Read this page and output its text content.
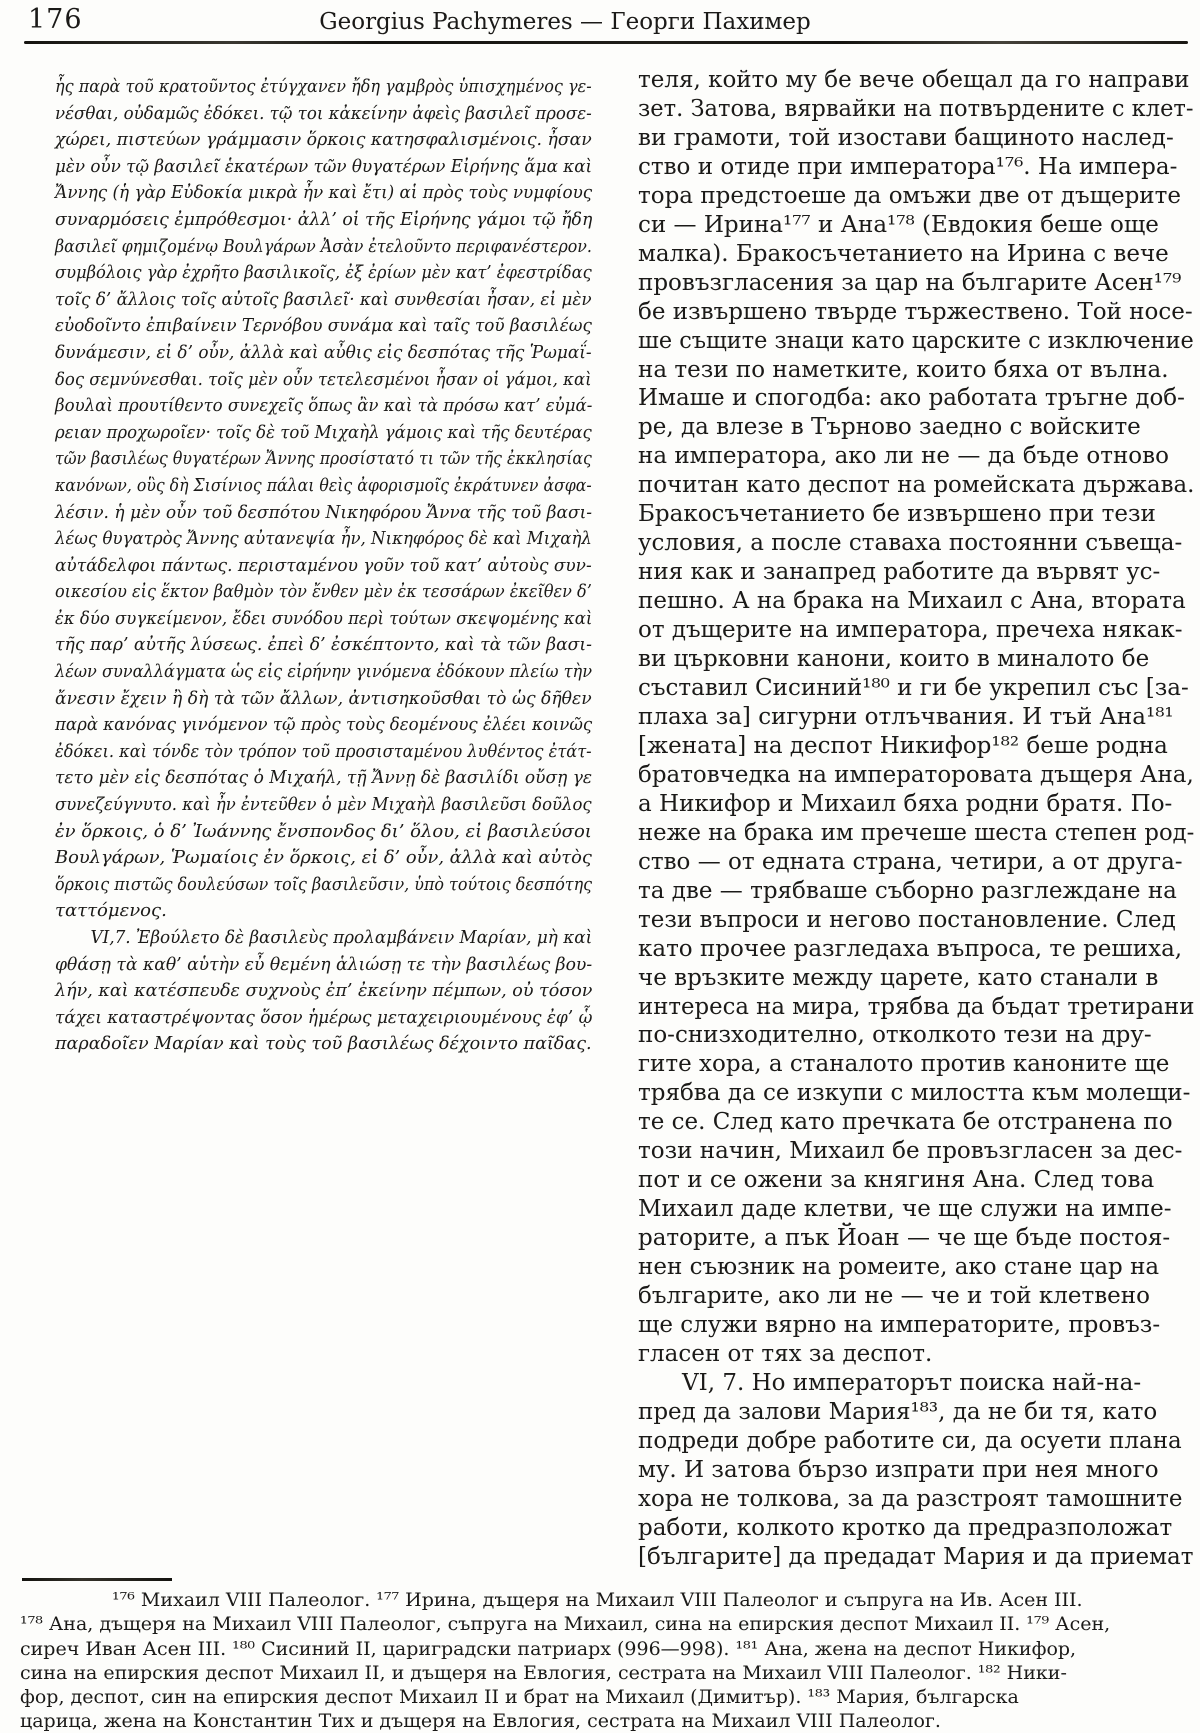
176	Georgius Pachymeres — Георги Пахимер
ἧς παρὰ τοῦ κρατοῦντος ἐτύγχανεν ἤδη γαμβρὸς ὑπισχημένος γε-
νέσθαι, οὐδαμῶς ἐδόκει. τῷ τοι κἀκείνην ἀφεὶς βασιλεῖ προσε-
χώρει, πιστεύων γράμμασιν ὅρκοις κατησφαλισμένοις. ἦσαν
μὲν οὖν τῷ βασιλεῖ ἑκατέρων τῶν θυγατέρων Εἰρήνης ἅμα καὶ
Ἄννης (ἡ γὰρ Εὐδοκία μικρὰ ἦν καὶ ἔτι) αἱ πρὸς τοὺς νυμφίους
συναρμόσεις ἐμπρόθεσμοι· ἀλλ’ οἱ τῆς Εἰρήνης γάμοι τῷ ἤδη
βασιλεῖ φημιζομένῳ Βουλγάρων Ἀσὰν ἐτελοῦντο περιφανέστερον.
συμβόλοις γὰρ ἐχρῆτο βασιλικοῖς, ἐξ ἐρίων μὲν κατ’ ἐφεστρίδας
τοῖς δ’ ἄλλοις τοῖς αὐτοῖς βασιλεῖ· καὶ συνθεσίαι ἦσαν, εἰ μὲν
εὐοδοῖντο ἐπιβαίνειν Τερνόβου συνάμα καὶ ταῖς τοῦ βασιλέως
δυνάμεσιν, εἰ δ’ οὖν, ἀλλὰ καὶ αὖθις εἰς δεσπότας τῆς Ῥωμαΐ-
δος σεμνύνεσθαι. τοῖς μὲν οὖν τετελεσμένοι ἦσαν οἱ γάμοι, καὶ
βουλαὶ προυτίθεντο συνεχεῖς ὅπως ἂν καὶ τὰ πρόσω κατ’ εὐμά-
ρειαν προχωροῖεν· τοῖς δὲ τοῦ Μιχαὴλ γάμοις καὶ τῆς δευτέρας
τῶν βασιλέως θυγατέρων Ἄννης προσίστατό τι τῶν τῆς ἐκκλησίας
κανόνων, οὓς δὴ Σισίνιος πάλαι θεὶς ἀφορισμοῖς ἐκράτυνεν ἀσφα-
λέσιν. ἡ μὲν οὖν τοῦ δεσπότου Νικηφόρου Ἄννα τῆς τοῦ βασι-
λέως θυγατρὸς Ἄννης αὐτανεψία ἦν, Νικηφόρος δὲ καὶ Μιχαὴλ
αὐτάδελφοι πάντως. περισταμένου γοῦν τοῦ κατ’ αὐτοὺς συν-
οικεσίου εἰς ἕκτον βαθμὸν τὸν ἔνθεν μὲν ἐκ τεσσάρων ἐκεῖθεν δ’
ἐκ δύο συγκείμενον, ἔδει συνόδου περὶ τούτων σκεψομένης καὶ
τῆς παρ’ αὐτῆς λύσεως. ἐπεὶ δ’ ἐσκέπτοντο, καὶ τὰ τῶν βασι-
λέων συναλλάγματα ὡς εἰς εἰρήνην γινόμενα ἐδόκουν πλείω τὴν
ἄνεσιν ἔχειν ἢ δὴ τὰ τῶν ἄλλων, ἀντισηκοῦσθαι τὸ ὡς δῆθεν
παρὰ κανόνας γινόμενον τῷ πρὸς τοὺς δεομένους ἐλέει κοινῶς
ἐδόκει. καὶ τόνδε τὸν τρόπον τοῦ προσισταμένου λυθέντος ἐτάτ-
τετο μὲν εἰς δεσπότας ὁ Μιχαήλ, τῇ Ἄννῃ δὲ βασιλίδι οὔσῃ γε
συνεζεύγνυτο. καὶ ἦν ἐντεῦθεν ὁ μὲν Μιχαὴλ βασιλεῦσι δοῦλος
ἐν ὅρκοις, ὁ δ’ Ἰωάννης ἔνσπονδος δι’ ὅλου, εἰ βασιλεύσοι
Βουλγάρων, Ῥωμαίοις ἐν ὅρκοις, εἰ δ’ οὖν, ἀλλὰ καὶ αὐτὸς
ὅρκοις πιστῶς δουλεύσων τοῖς βασιλεῦσιν, ὑπὸ τούτοις δεσπότης
ταττόμενος.
VI,7. Ἐβούλετο δὲ βασιλεὺς προλαμβάνειν Μαρίαν, μὴ καὶ
φθάσῃ τὰ καθ’ αὑτὴν εὖ θεμένη ἁλιώσῃ τε τὴν βασιλέως βου-
λήν, καὶ κατέσπευδε συχνοὺς ἐπ’ ἐκείνην πέμπων, οὐ τόσον
τάχει καταστρέψοντας ὅσον ἡμέρως μεταχειριουμένους ἐφ’ ᾧ
παραδοῖεν Μαρίαν καὶ τοὺς τοῦ βασιλέως δέχοιντο παῖδας.
теля, който му бе вече обещал да го направи
зет. Затова, вярвайки на потвърдените с клет-
ви грамоти, той изостави бащиното наслед-
ство и отиде при императора¹⁷⁶. На импера-
тора предстоеше да омъжи две от дъщерите
си — Ирина¹⁷⁷ и Ана¹⁷⁸ (Евдокия беше още
малка). Бракосъчетанието на Ирина с вече
провъзгласения за цар на българите Асен¹⁷⁹
бе извършено твърде тържествено. Той носе-
ше същите знаци като царските с изключение
на тези по наметките, които бяха от вълна.
Имаше и спогодба: ако работата тръгне доб-
ре, да влезе в Търново заедно с войските
на императора, ако ли не — да бъде отново
почитан като деспот на ромейската държава.
Бракосъчетанието бе извършено при тези
условия, а после ставаха постоянни съвеща-
ния как и занапред работите да вървят ус-
пешно. А на брака на Михаил с Ана, втората
от дъщерите на императора, пречеха някак-
ви църковни канони, които в миналото бе
съставил Сисиний¹⁸⁰ и ги бе укрепил със [за-
плаха за] сигурни отлъчвания. И тъй Ана¹⁸¹
[жената] на деспот Никифор¹⁸² беше родна
братовчедка на императоровата дъщеря Ана,
а Никифор и Михаил бяха родни братя. По-
неже на брака им пречеше шеста степен род-
ство — от едната страна, четири, а от друга-
та две — трябваше съборно разглеждане на
тези въпроси и негово постановление. След
като прочее разгледаха въпроса, те решиха,
че връзките между царете, като станали в
интереса на мира, трябва да бъдат третирани
по-снизходително, отколкото тези на дру-
гите хора, а станалото против каноните ще
трябва да се изкупи с милостта към молещи-
те се. След като пречката бе отстранена по
този начин, Михаил бе провъзгласен за дес-
пот и се ожени за княгиня Ана. След това
Михаил даде клетви, че ще служи на импе-
раторите, а пък Йоан — че ще бъде постоя-
нен съюзник на ромеите, ако стане цар на
българите, ако ли не — че и той клетвено
ще служи вярно на императорите, провъз-
гласен от тях за деспот.
VI, 7. Но императорът поиска най-на-
пред да залови Мария¹⁸³, да не би тя, като
подреди добре работите си, да осуети плана
му. И затова бързо изпрати при нея много
хора не толкова, за да разстроят тамошните
работи, колкото кротко да предразположат
[българите] да предадат Мария и да приемат
¹⁷⁶ Михаил VIII Палеолог. ¹⁷⁷ Ирина, дъщеря на Михаил VIII Палеолог и съпруга на Ив. Асен III.
¹⁷⁸ Ана, дъщеря на Михаил VIII Палеолог, съпруга на Михаил, сина на епирския деспот Михаил II. ¹⁷⁹ Асен,
сиреч Иван Асен III. ¹⁸⁰ Сисиний II, цариградски патриарх (996—998). ¹⁸¹ Ана, жена на деспот Никифор,
сина на епирския деспот Михаил II, и дъщеря на Евлогия, сестрата на Михаил VIII Палеолог. ¹⁸² Ники-
фор, деспот, син на епирския деспот Михаил II и брат на Михаил (Димитър). ¹⁸³ Мария, българска
царица, жена на Константин Тих и дъщеря на Евлогия, сестрата на Михаил VIII Палеолог.
